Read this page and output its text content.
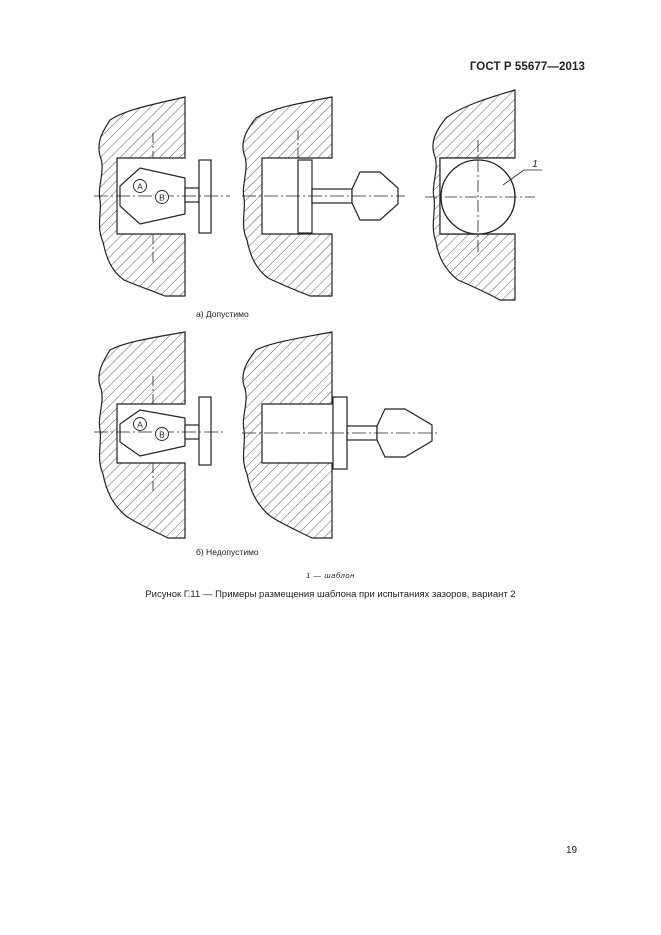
ГОСТ Р 55677—2013
A
B
1
A
B
а) Допустимо
б) Недопустимо
1 — шаблон
Рисунок Г.11 — Примеры размещения шаблона при испытаниях зазоров, вариант 2
19
